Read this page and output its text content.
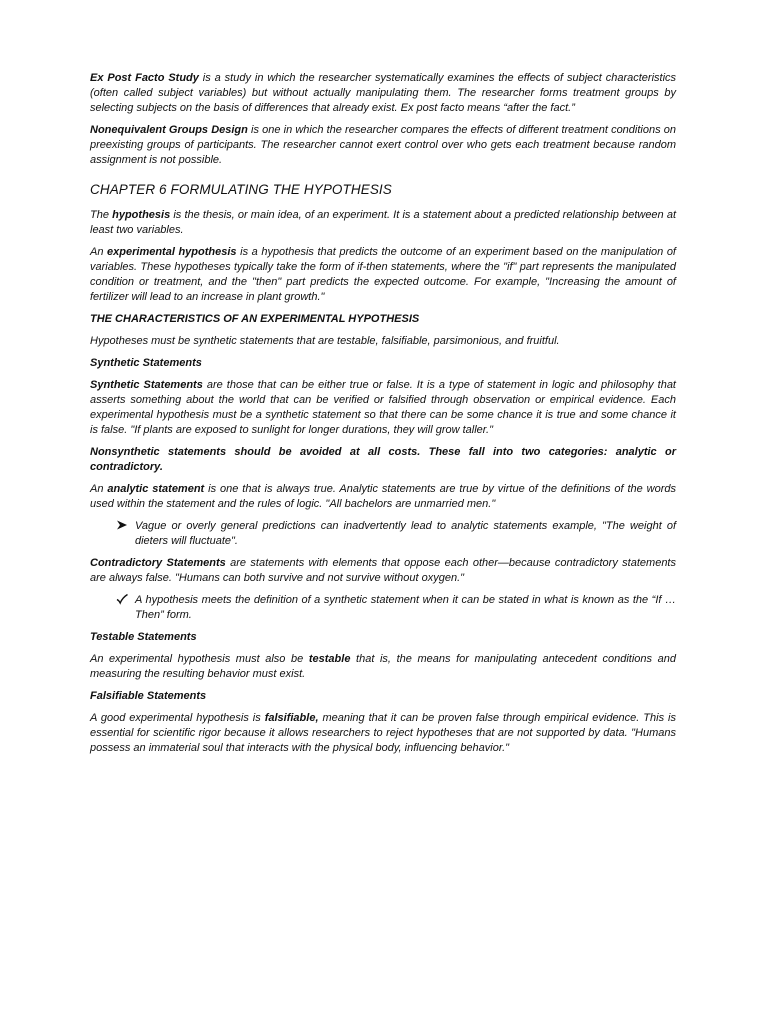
Ex Post Facto Study is a study in which the researcher systematically examines the effects of subject characteristics (often called subject variables) but without actually manipulating them. The researcher forms treatment groups by selecting subjects on the basis of differences that already exist. Ex post facto means “after the fact.”

Nonequivalent Groups Design is one in which the researcher compares the effects of different treatment conditions on preexisting groups of participants. The researcher cannot exert control over who gets each treatment because random assignment is not possible.

CHAPTER 6 FORMULATING THE HYPOTHESIS

The hypothesis is the thesis, or main idea, of an experiment. It is a statement about a predicted relationship between at least two variables.

An experimental hypothesis is a hypothesis that predicts the outcome of an experiment based on the manipulation of variables. These hypotheses typically take the form of if-then statements, where the "if" part represents the manipulated condition or treatment, and the "then" part predicts the expected outcome. For example, "Increasing the amount of fertilizer will lead to an increase in plant growth."

THE CHARACTERISTICS OF AN EXPERIMENTAL HYPOTHESIS

Hypotheses must be synthetic statements that are testable, falsifiable, parsimonious, and fruitful.

Synthetic Statements

Synthetic Statements are those that can be either true or false. It is a type of statement in logic and philosophy that asserts something about the world that can be verified or falsified through observation or empirical evidence. Each experimental hypothesis must be a synthetic statement so that there can be some chance it is true and some chance it is false. "If plants are exposed to sunlight for longer durations, they will grow taller."

Nonsynthetic statements should be avoided at all costs. These fall into two categories: analytic or contradictory.

An analytic statement is one that is always true. Analytic statements are true by virtue of the definitions of the words used within the statement and the rules of logic. "All bachelors are unmarried men."

Vague or overly general predictions can inadvertently lead to analytic statements example, "The weight of dieters will fluctuate".

Contradictory Statements are statements with elements that oppose each other—because contradictory statements are always false. "Humans can both survive and not survive without oxygen."

A hypothesis meets the definition of a synthetic statement when it can be stated in what is known as the “If … Then” form.

Testable Statements

An experimental hypothesis must also be testable that is, the means for manipulating antecedent conditions and measuring the resulting behavior must exist.

Falsifiable Statements

A good experimental hypothesis is falsifiable, meaning that it can be proven false through empirical evidence. This is essential for scientific rigor because it allows researchers to reject hypotheses that are not supported by data. "Humans possess an immaterial soul that interacts with the physical body, influencing behavior."
